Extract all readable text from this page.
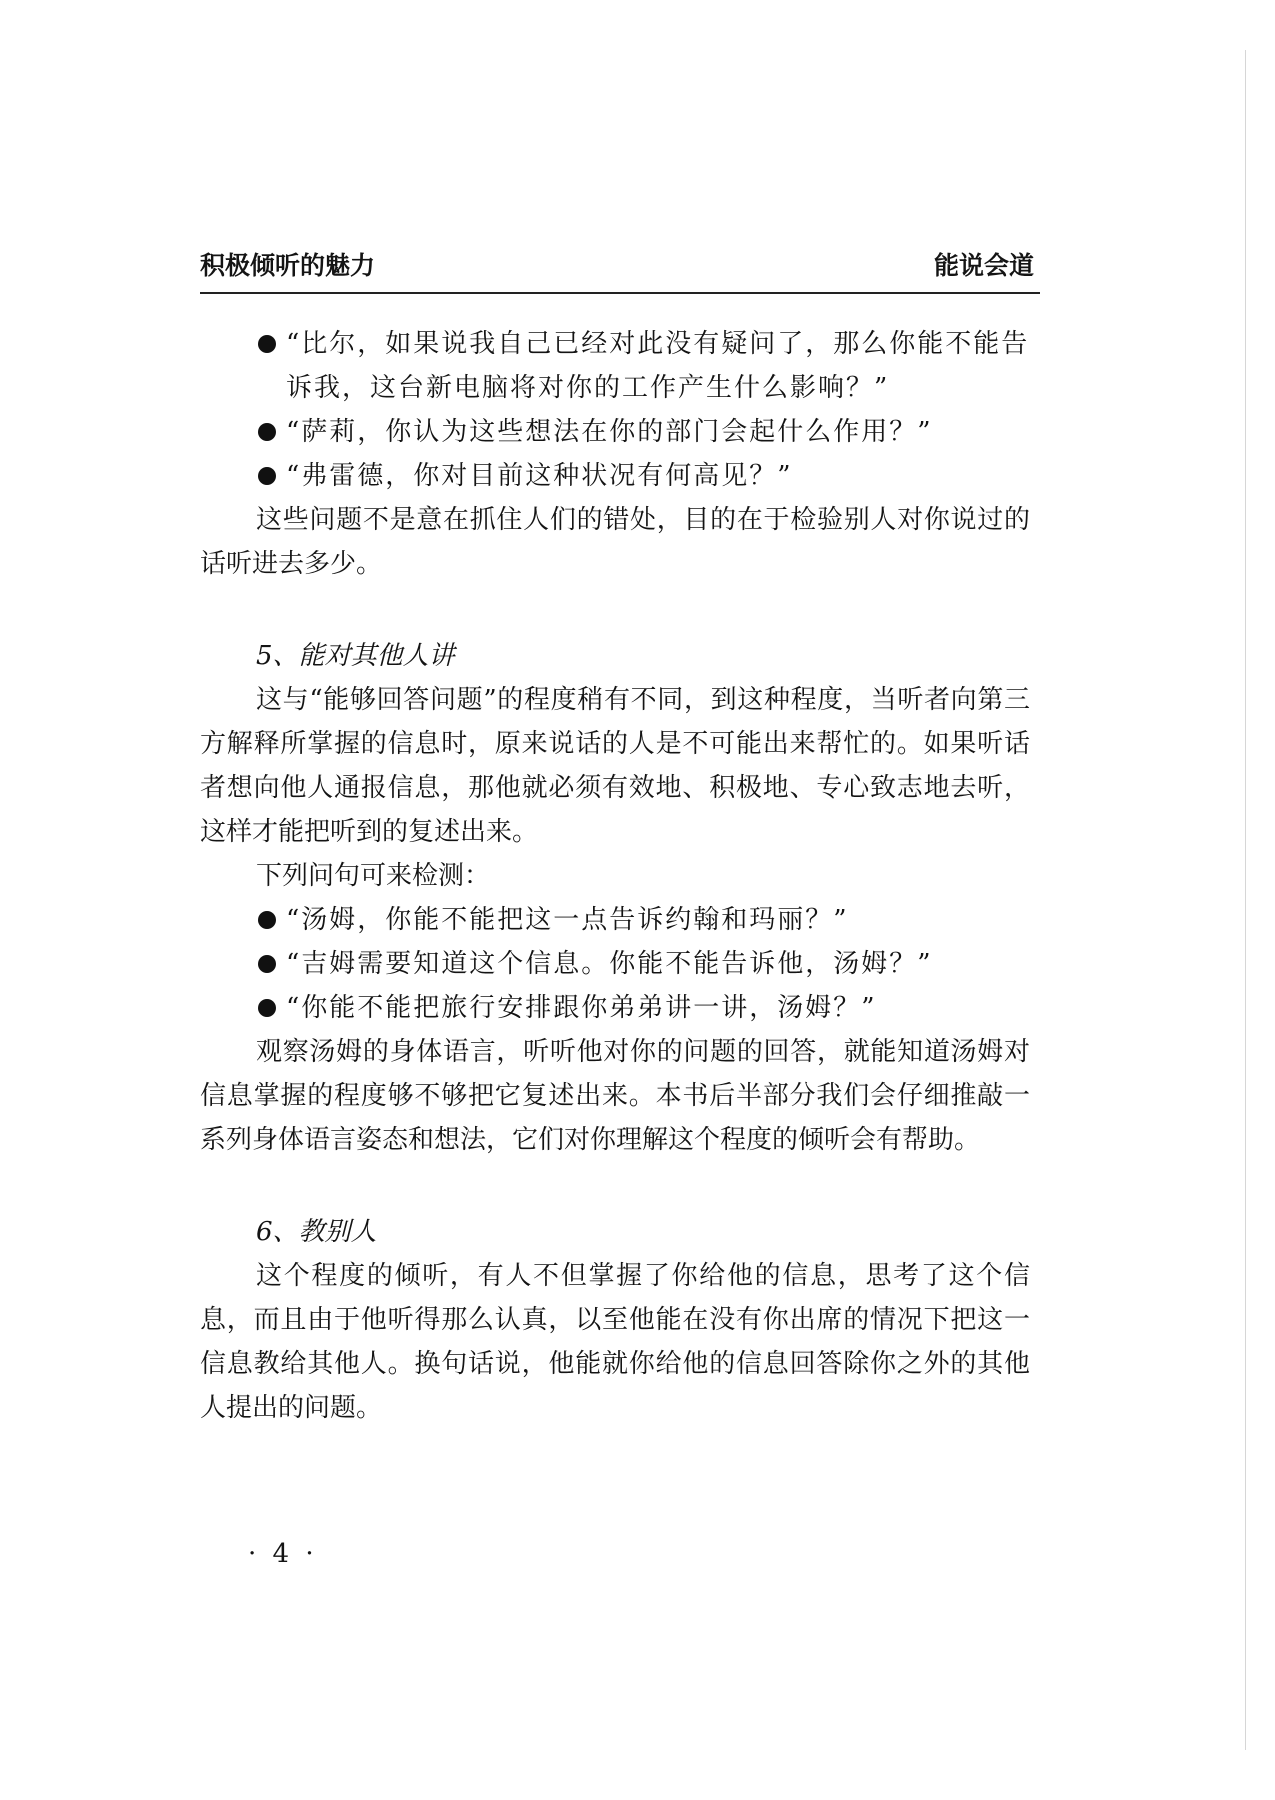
积极倾听的魅力	能说会道
“比尔，如果说我自己已经对此没有疑问了，那么你能不能告诉我，这台新电脑将对你的工作产生什么影响？”
“萨莉，你认为这些想法在你的部门会起什么作用？”
“弗雷德，你对目前这种状况有何高见？”

这些问题不是意在抓住人们的错处，目的在于检验别人对你说过的话听进去多少。

5、能对其他人讲

这与“能够回答问题”的程度稍有不同，到这种程度，当听者向第三方解释所掌握的信息时，原来说话的人是不可能出来帮忙的。如果听话者想向他人通报信息，那他就必须有效地、积极地、专心致志地去听，这样才能把听到的复述出来。

下列问句可来检测：

“汤姆，你能不能把这一点告诉约翰和玛丽？”
“吉姆需要知道这个信息。你能不能告诉他，汤姆？”
“你能不能把旅行安排跟你弟弟讲一讲，汤姆？”

观察汤姆的身体语言，听听他对你的问题的回答，就能知道汤姆对信息掌握的程度够不够把它复述出来。本书后半部分我们会仔细推敲一系列身体语言姿态和想法，它们对你理解这个程度的倾听会有帮助。

6、教别人

这个程度的倾听，有人不但掌握了你给他的信息，思考了这个信息，而且由于他听得那么认真，以至他能在没有你出席的情况下把这一信息教给其他人。换句话说，他能就你给他的信息回答除你之外的其他人提出的问题。

· 4 ·
